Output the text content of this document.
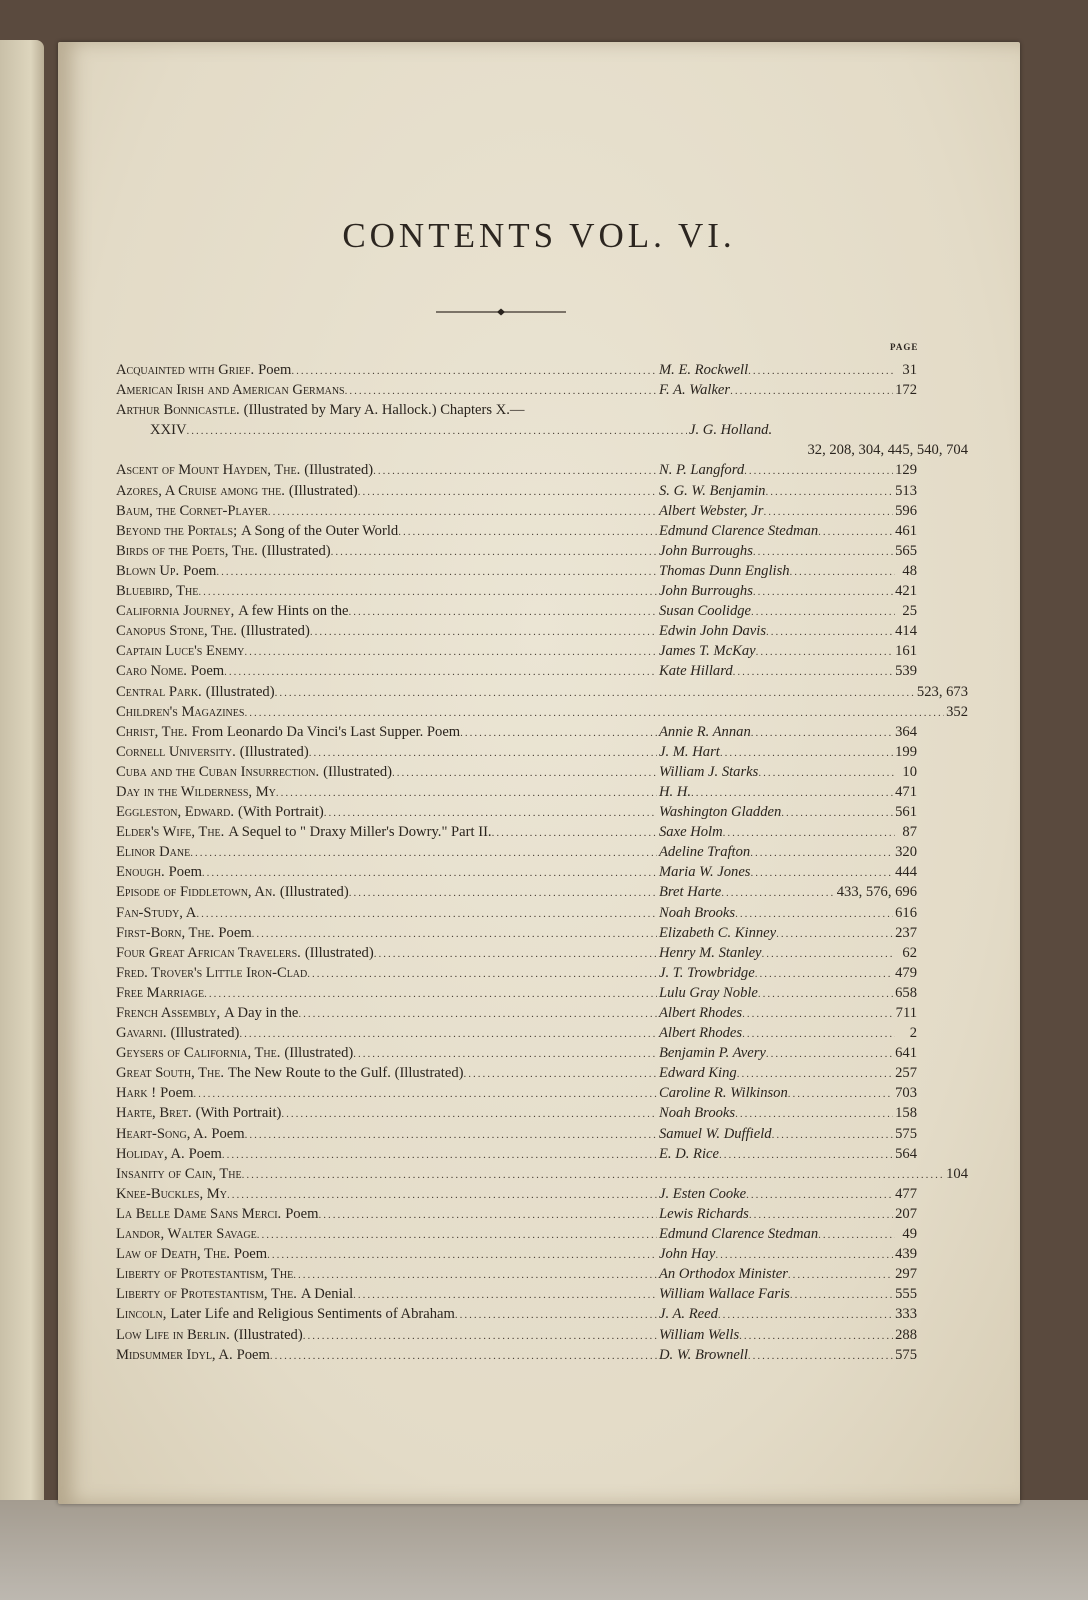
CONTENTS VOL. VI.
PAGE
Acquainted with Grief. Poem .....	M. E. Rockwell .....	31
American Irish and American Germans .....	F. A. Walker .....	172
Arthur Bonnicastle. (Illustrated by Mary A. Hallock.) Chapters X.—
XXIV .....	J. G. Holland.
32, 208, 304, 445, 540, 704
Ascent of Mount Hayden, The. (Illustrated) .....	N. P. Langford .....	129
Azores, A Cruise among the. (Illustrated) .....	S. G. W. Benjamin .....	513
Baum, the Cornet-Player .....	Albert Webster, Jr .....	596
Beyond the Portals; A Song of the Outer World .....	Edmund Clarence Stedman .....	461
Birds of the Poets, The. (Illustrated) .....	John Burroughs .....	565
Blown Up. Poem .....	Thomas Dunn English .....	48
Bluebird, The .....	John Burroughs .....	421
California Journey, A few Hints on the .....	Susan Coolidge .....	25
Canopus Stone, The. (Illustrated) .....	Edwin John Davis .....	414
Captain Luce's Enemy .....	James T. McKay .....	161
Caro Nome. Poem .....	Kate Hillard .....	539
Central Park. (Illustrated) .....	523, 673
Children's Magazines .....	352
Christ, The. From Leonardo Da Vinci's Last Supper. Poem .....	Annie R. Annan .....	364
Cornell University. (Illustrated) .....	J. M. Hart .....	199
Cuba and the Cuban Insurrection. (Illustrated) .....	William J. Starks .....	10
Day in the Wilderness, My .....	H. H. .....	471
Eggleston, Edward. (With Portrait) .....	Washington Gladden .....	561
Elder's Wife, The. A Sequel to " Draxy Miller's Dowry." Part II. .....	Saxe Holm .....	87
Elinor Dane .....	Adeline Trafton .....	320
Enough. Poem .....	Maria W. Jones .....	444
Episode of Fiddletown, An. (Illustrated) .....	Bret Harte .....	433, 576, 696
Fan-Study, A .....	Noah Brooks .....	616
First-Born, The. Poem .....	Elizabeth C. Kinney .....	237
Four Great African Travelers. (Illustrated) .....	Henry M. Stanley .....	62
Fred. Trover's Little Iron-Clad .....	J. T. Trowbridge .....	479
Free Marriage .....	Lulu Gray Noble .....	658
French Assembly, A Day in the .....	Albert Rhodes .....	711
Gavarni. (Illustrated) .....	Albert Rhodes .....	2
Geysers of California, The. (Illustrated) .....	Benjamin P. Avery .....	641
Great South, The. The New Route to the Gulf. (Illustrated) .....	Edward King .....	257
Hark ! Poem .....	Caroline R. Wilkinson .....	703
Harte, Bret. (With Portrait) .....	Noah Brooks .....	158
Heart-Song, A. Poem .....	Samuel W. Duffield .....	575
Holiday, A. Poem .....	E. D. Rice .....	564
Insanity of Cain, The .....	104
Knee-Buckles, My .....	J. Esten Cooke .....	477
La Belle Dame Sans Merci. Poem .....	Lewis Richards .....	207
Landor, Walter Savage .....	Edmund Clarence Stedman .....	49
Law of Death, The. Poem .....	John Hay .....	439
Liberty of Protestantism, The .....	An Orthodox Minister .....	297
Liberty of Protestantism, The. A Denial .....	William Wallace Faris .....	555
Lincoln, Later Life and Religious Sentiments of Abraham .....	J. A. Reed .....	333
Low Life in Berlin. (Illustrated) .....	William Wells .....	288
Midsummer Idyl, A. Poem .....	D. W. Brownell .....	575
